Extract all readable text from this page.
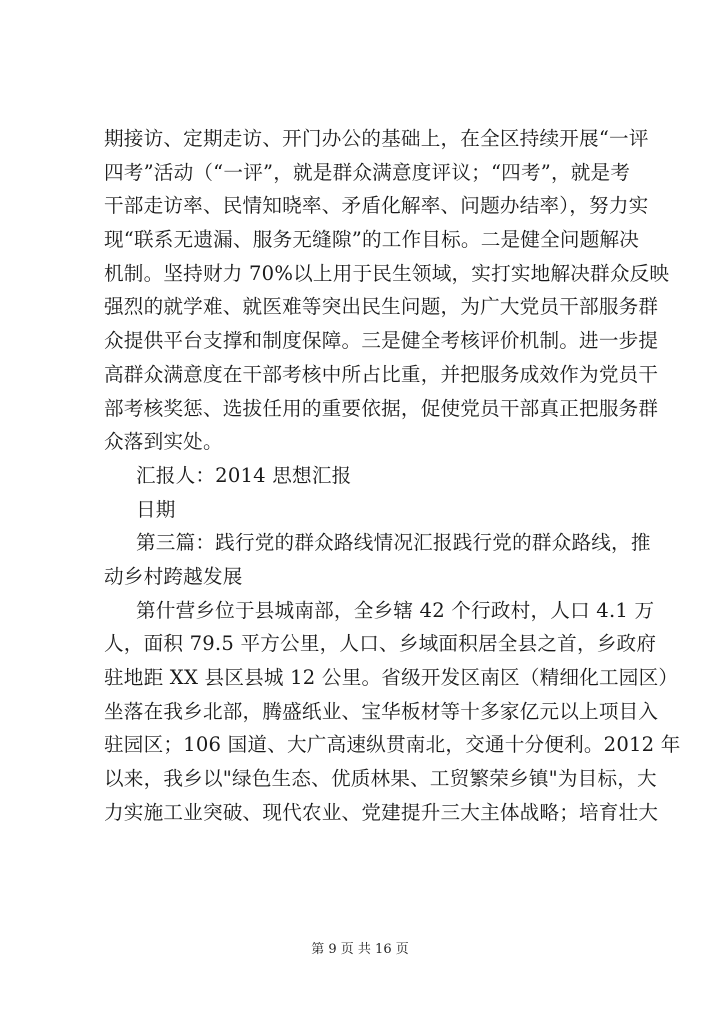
期接访、定期走访、开门办公的基础上，在全区持续开展“一评
四考”活动（“一评”，就是群众满意度评议；“四考”，就是考
干部走访率、民情知晓率、矛盾化解率、问题办结率），努力实
现“联系无遗漏、服务无缝隙”的工作目标。二是健全问题解决
机制。坚持财力 70%以上用于民生领域，实打实地解决群众反映
强烈的就学难、就医难等突出民生问题，为广大党员干部服务群
众提供平台支撑和制度保障。三是健全考核评价机制。进一步提
高群众满意度在干部考核中所占比重，并把服务成效作为党员干
部考核奖惩、选拔任用的重要依据，促使党员干部真正把服务群
众落到实处。
汇报人：2014 思想汇报
日期
第三篇：践行党的群众路线情况汇报践行党的群众路线，推
动乡村跨越发展
第什营乡位于县城南部，全乡辖 42 个行政村，人口 4.1 万
人，面积 79.5 平方公里，人口、乡域面积居全县之首，乡政府
驻地距 XX 县区县城 12 公里。省级开发区南区（精细化工园区）
坐落在我乡北部，腾盛纸业、宝华板材等十多家亿元以上项目入
驻园区；106 国道、大广高速纵贯南北，交通十分便利。2012 年
以来，我乡以"绿色生态、优质林果、工贸繁荣乡镇"为目标，大
力实施工业突破、现代农业、党建提升三大主体战略；培育壮大
第 9 页 共 16 页
